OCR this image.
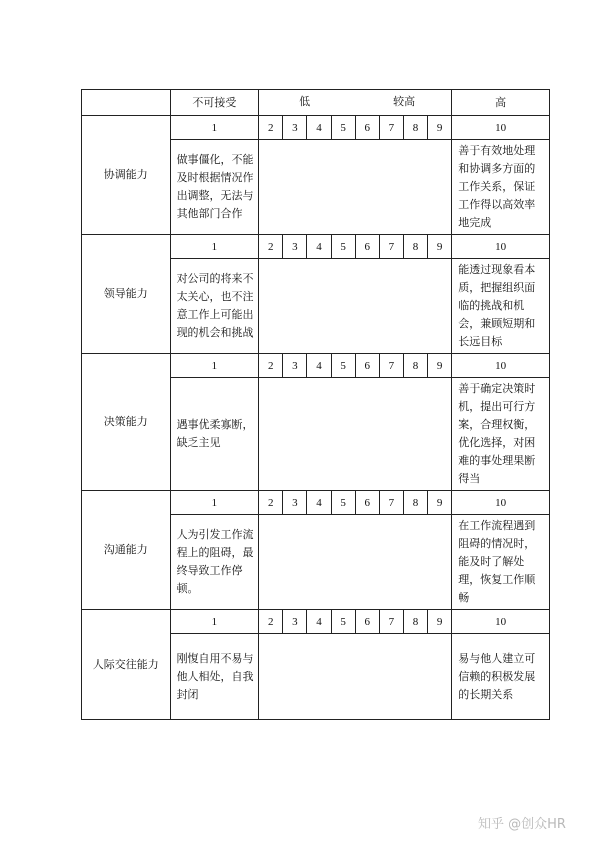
	不可接受	低 较高								高
协调能力	1	2	3	4	5	6	7	8	9	10
	做事僵化，不能及时根据情况作出调整，无法与其他部门合作									善于有效地处理和协调多方面的工作关系，保证工作得以高效率地完成
领导能力	1	2	3	4	5	6	7	8	9	10
	对公司的将来不太关心，也不注意工作上可能出现的机会和挑战									能透过现象看本质，把握组织面临的挑战和机会，兼顾短期和长远目标
决策能力	1	2	3	4	5	6	7	8	9	10
	遇事优柔寡断，缺乏主见									善于确定决策时机，提出可行方案，合理权衡，优化选择，对困难的事处理果断得当
沟通能力	1	2	3	4	5	6	7	8	9	10
	人为引发工作流程上的阻碍，最终导致工作停顿。									在工作流程遇到阻碍的情况时，能及时了解处理，恢复工作顺畅
人际交往能力	1	2	3	4	5	6	7	8	9	10
	刚愎自用不易与他人相处，自我封闭									易与他人建立可信赖的积极发展的长期关系
知乎 @创众HR
